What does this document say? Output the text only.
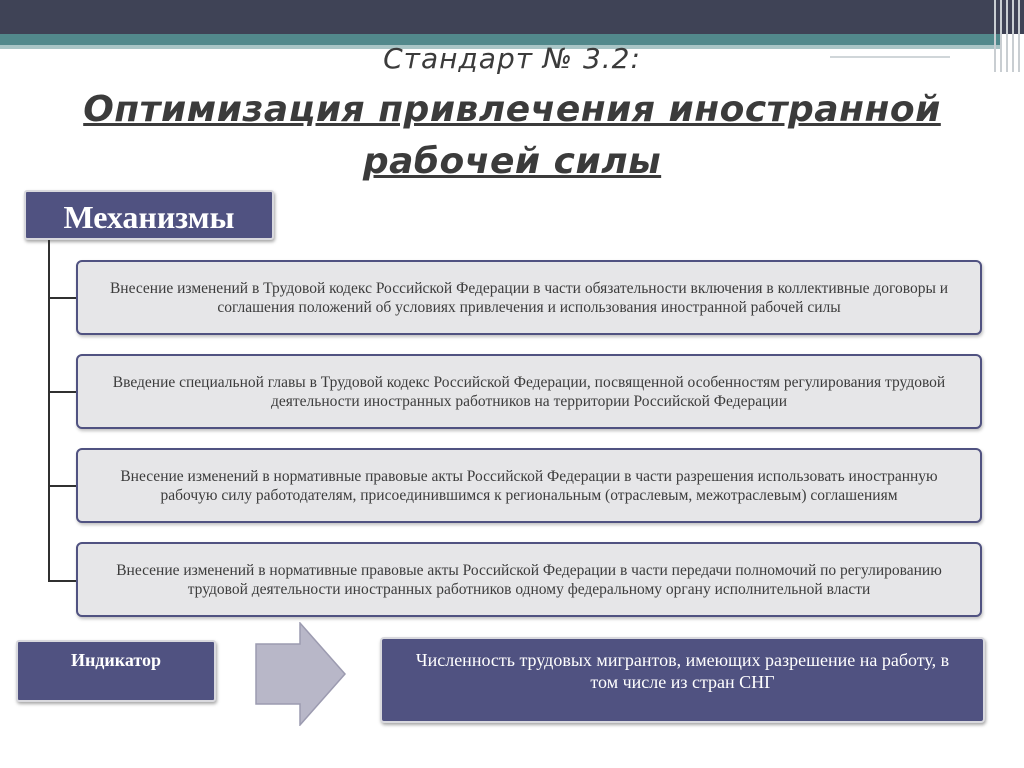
Стандарт № 3.2:
Оптимизация привлечения иностранной рабочей силы
Механизмы
Внесение изменений в Трудовой кодекс Российской Федерации в части обязательности включения в коллективные договоры и соглашения положений об условиях привлечения и использования иностранной рабочей силы
Введение специальной главы в Трудовой кодекс Российской Федерации, посвященной особенностям регулирования трудовой деятельности иностранных работников на территории Российской Федерации
Внесение изменений в нормативные правовые акты Российской Федерации в части разрешения использовать иностранную рабочую силу работодателям, присоединившимся к региональным (отраслевым, межотраслевым) соглашениям
Внесение изменений в нормативные правовые акты Российской Федерации в части передачи полномочий по регулированию трудовой деятельности иностранных работников одному федеральному органу исполнительной власти
Индикатор	Численность трудовых мигрантов, имеющих разрешение на работу, в том числе из стран СНГ
